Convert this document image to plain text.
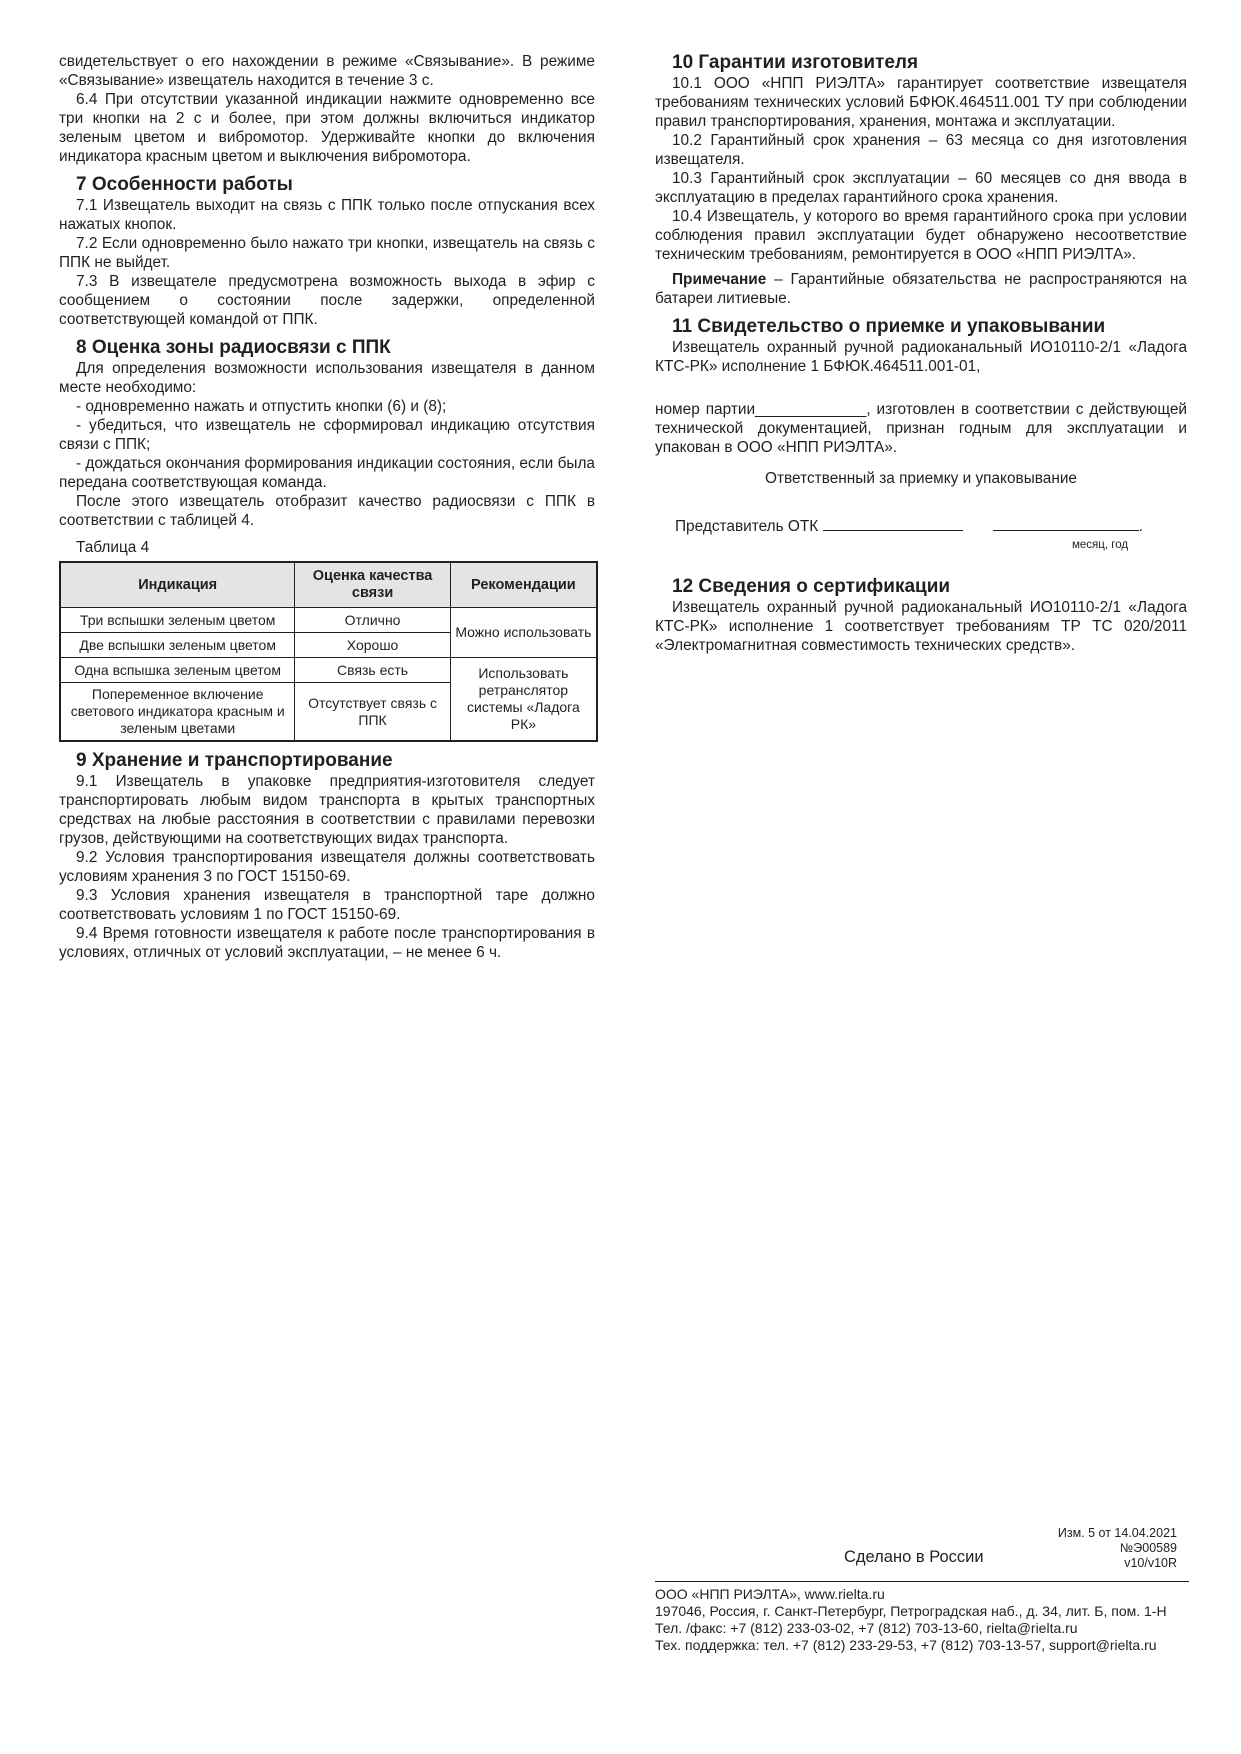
свидетельствует о его нахождении в режиме «Связывание». В режиме «Связывание» извещатель находится в течение 3 с.

6.4 При отсутствии указанной индикации нажмите одновременно все три кнопки на 2 с и более, при этом должны включиться индикатор зеленым цветом и вибромотор. Удерживайте кнопки до включения индикатора красным цветом и выключения вибромотора.

7 Особенности работы

7.1 Извещатель выходит на связь с ППК только после отпускания всех нажатых кнопок.

7.2 Если одновременно было нажато три кнопки, извещатель на связь с ППК не выйдет.

7.3 В извещателе предусмотрена возможность выхода в эфир с сообщением о состоянии после задержки, определенной соответствующей командой от ППК.

8 Оценка зоны радиосвязи с ППК

Для определения возможности использования извещателя в данном месте необходимо:

- одновременно нажать и отпустить кнопки (6) и (8);

- убедиться, что извещатель не сформировал индикацию отсутствия связи с ППК;

- дождаться окончания формирования индикации состояния, если была передана соответствующая команда.

После этого извещатель отобразит качество радиосвязи с ППК в соответствии с таблицей 4.

Таблица 4

Индикация	Оценка качества связи	Рекомендации
Три вспышки зеленым цветом	Отлично	Можно использовать
Две вспышки зеленым цветом	Хорошо	
Одна вспышка зеленым цветом	Связь есть	Использовать ретранслятор системы «Ладога РК»
Попеременное включение светового индикатора красным и зеленым цветами	Отсутствует связь с ППК	
9 Хранение и транспортирование

9.1 Извещатель в упаковке предприятия-изготовителя следует транспортировать любым видом транспорта в крытых транспортных средствах на любые расстояния в соответствии с правилами перевозки грузов, действующими на соответствующих видах транспорта.

9.2 Условия транспортирования извещателя должны соответствовать условиям хранения 3 по ГОСТ 15150-69.

9.3 Условия хранения извещателя в транспортной таре должно соответствовать условиям 1 по ГОСТ 15150-69.

9.4 Время готовности извещателя к работе после транспортирования в условиях, отличных от условий эксплуатации, – не менее 6 ч.

10 Гарантии изготовителя

10.1 ООО «НПП РИЭЛТА» гарантирует соответствие извещателя требованиям технических условий БФЮК.464511.001 ТУ при соблюдении правил транспортирования, хранения, монтажа и эксплуатации.

10.2 Гарантийный срок хранения – 63 месяца со дня изготовления извещателя.

10.3 Гарантийный срок эксплуатации – 60 месяцев со дня ввода в эксплуатацию в пределах гарантийного срока хранения.

10.4 Извещатель, у которого во время гарантийного срока при условии соблюдения правил эксплуатации будет обнаружено несоответствие техническим требованиям, ремонтируется в ООО «НПП РИЭЛТА».

Примечание – Гарантийные обязательства не распространяются на батареи литиевые.

11 Свидетельство о приемке и упаковывании

Извещатель охранный ручной радиоканальный ИО10110-2/1 «Ладога КТС-РК» исполнение 1 БФЮК.464511.001-01,

номер партии_____________, изготовлен в соответствии с действующей технической документацией, признан годным для эксплуатации и упакован в ООО «НПП РИЭЛТА».

Ответственный за приемку и упаковывание

Представитель ОТК	.
месяц, год
12 Сведения о сертификации

Извещатель охранный ручной радиоканальный ИО10110-2/1 «Ладога КТС-РК» исполнение 1 соответствует требованиям ТР ТС 020/2011 «Электромагнитная совместимость технических средств».

Изм. 5 от 14.04.2021
№Э00589
v10/v10R
Сделано в России
ООО «НПП РИЭЛТА», www.rielta.ru
197046, Россия, г. Санкт-Петербург, Петроградская наб., д. 34, лит. Б, пом. 1-Н
Тел. /факс: +7 (812) 233-03-02, +7 (812) 703-13-60, rielta@rielta.ru
Тех. поддержка: тел. +7 (812) 233-29-53, +7 (812) 703-13-57, support@rielta.ru
